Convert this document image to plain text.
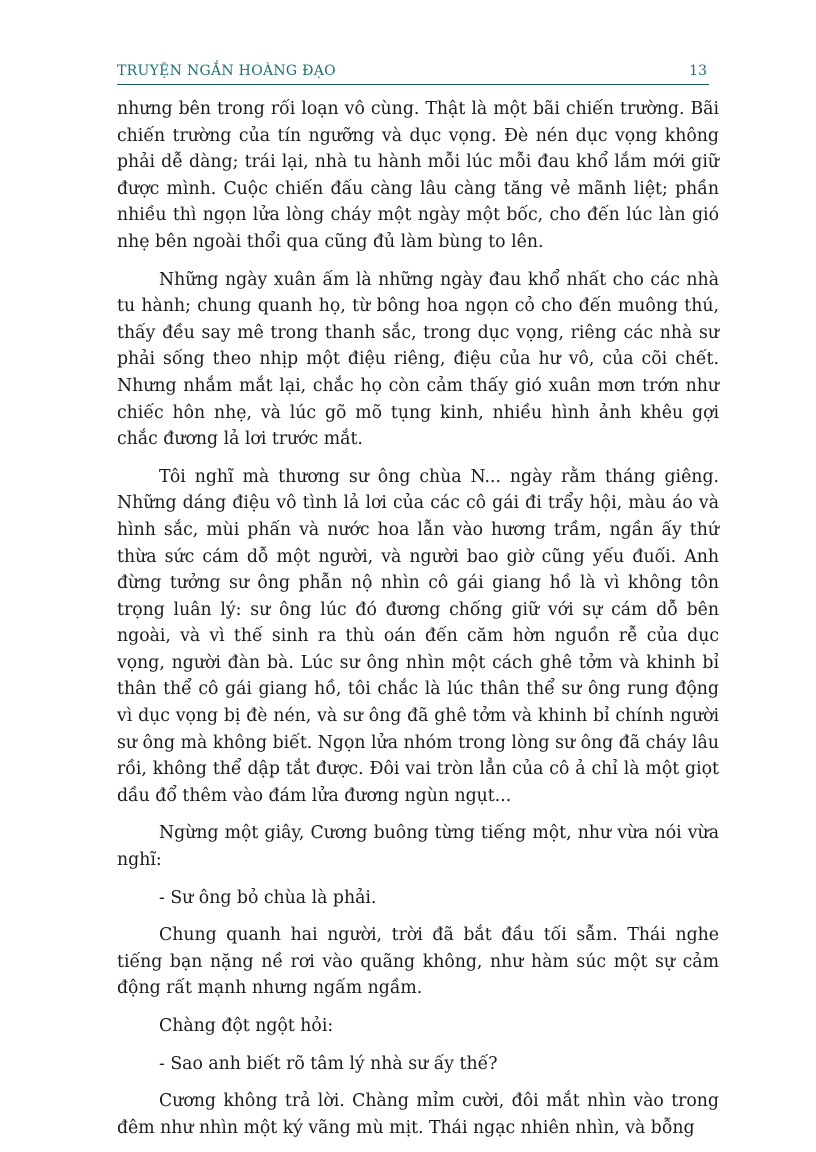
TRUYỆN NGẮN HOÀNG ĐẠO	13

nhưng bên trong rối loạn vô cùng. Thật là một bãi chiến trường. Bãi chiến trường của tín ngưỡng và dục vọng. Đè nén dục vọng không phải dễ dàng; trái lại, nhà tu hành mỗi lúc mỗi đau khổ lắm mới giữ được mình. Cuộc chiến đấu càng lâu càng tăng vẻ mãnh liệt; phần nhiều thì ngọn lửa lòng cháy một ngày một bốc, cho đến lúc làn gió nhẹ bên ngoài thổi qua cũng đủ làm bùng to lên.

Những ngày xuân ấm là những ngày đau khổ nhất cho các nhà tu hành; chung quanh họ, từ bông hoa ngọn cỏ cho đến muông thú, thấy đều say mê trong thanh sắc, trong dục vọng, riêng các nhà sư phải sống theo nhịp một điệu riêng, điệu của hư vô, của cõi chết. Nhưng nhắm mắt lại, chắc họ còn cảm thấy gió xuân mơn trớn như chiếc hôn nhẹ, và lúc gõ mõ tụng kinh, nhiều hình ảnh khêu gợi chắc đương lả lơi trước mắt.

Tôi nghĩ mà thương sư ông chùa N... ngày rằm tháng giêng. Những dáng điệu vô tình lả lơi của các cô gái đi trẩy hội, màu áo và hình sắc, mùi phấn và nước hoa lẫn vào hương trầm, ngần ấy thứ thừa sức cám dỗ một người, và người bao giờ cũng yếu đuối. Anh đừng tưởng sư ông phẫn nộ nhìn cô gái giang hồ là vì không tôn trọng luân lý: sư ông lúc đó đương chống giữ với sự cám dỗ bên ngoài, và vì thế sinh ra thù oán đến căm hờn nguồn rễ của dục vọng, người đàn bà. Lúc sư ông nhìn một cách ghê tởm và khinh bỉ thân thể cô gái giang hồ, tôi chắc là lúc thân thể sư ông rung động vì dục vọng bị đè nén, và sư ông đã ghê tởm và khinh bỉ chính người sư ông mà không biết. Ngọn lửa nhóm trong lòng sư ông đã cháy lâu rồi, không thể dập tắt được. Đôi vai tròn lẳn của cô ả chỉ là một giọt dầu đổ thêm vào đám lửa đương ngùn ngụt...

Ngừng một giây, Cương buông từng tiếng một, như vừa nói vừa nghĩ:

- Sư ông bỏ chùa là phải.

Chung quanh hai người, trời đã bắt đầu tối sẫm. Thái nghe tiếng bạn nặng nề rơi vào quãng không, như hàm súc một sự cảm động rất mạnh nhưng ngấm ngầm.

Chàng đột ngột hỏi:

- Sao anh biết rõ tâm lý nhà sư ấy thế?

Cương không trả lời. Chàng mỉm cười, đôi mắt nhìn vào trong đêm như nhìn một ký vãng mù mịt. Thái ngạc nhiên nhìn, và bỗng
